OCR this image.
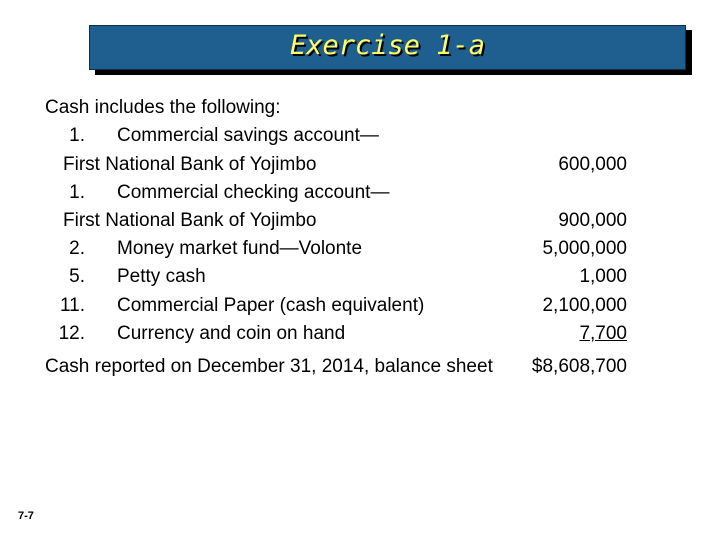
Exercise 1-a
Cash includes the following:
1. Commercial savings account—
First National Bank of Yojimbo	600,000
1. Commercial checking account—
First National Bank of Yojimbo	900,000
2. Money market fund—Volonte	5,000,000
5. Petty cash	1,000
11. Commercial Paper (cash equivalent)	2,100,000
12. Currency and coin on hand	7,700
Cash reported on December 31, 2014, balance sheet $8,608,700
7-7
